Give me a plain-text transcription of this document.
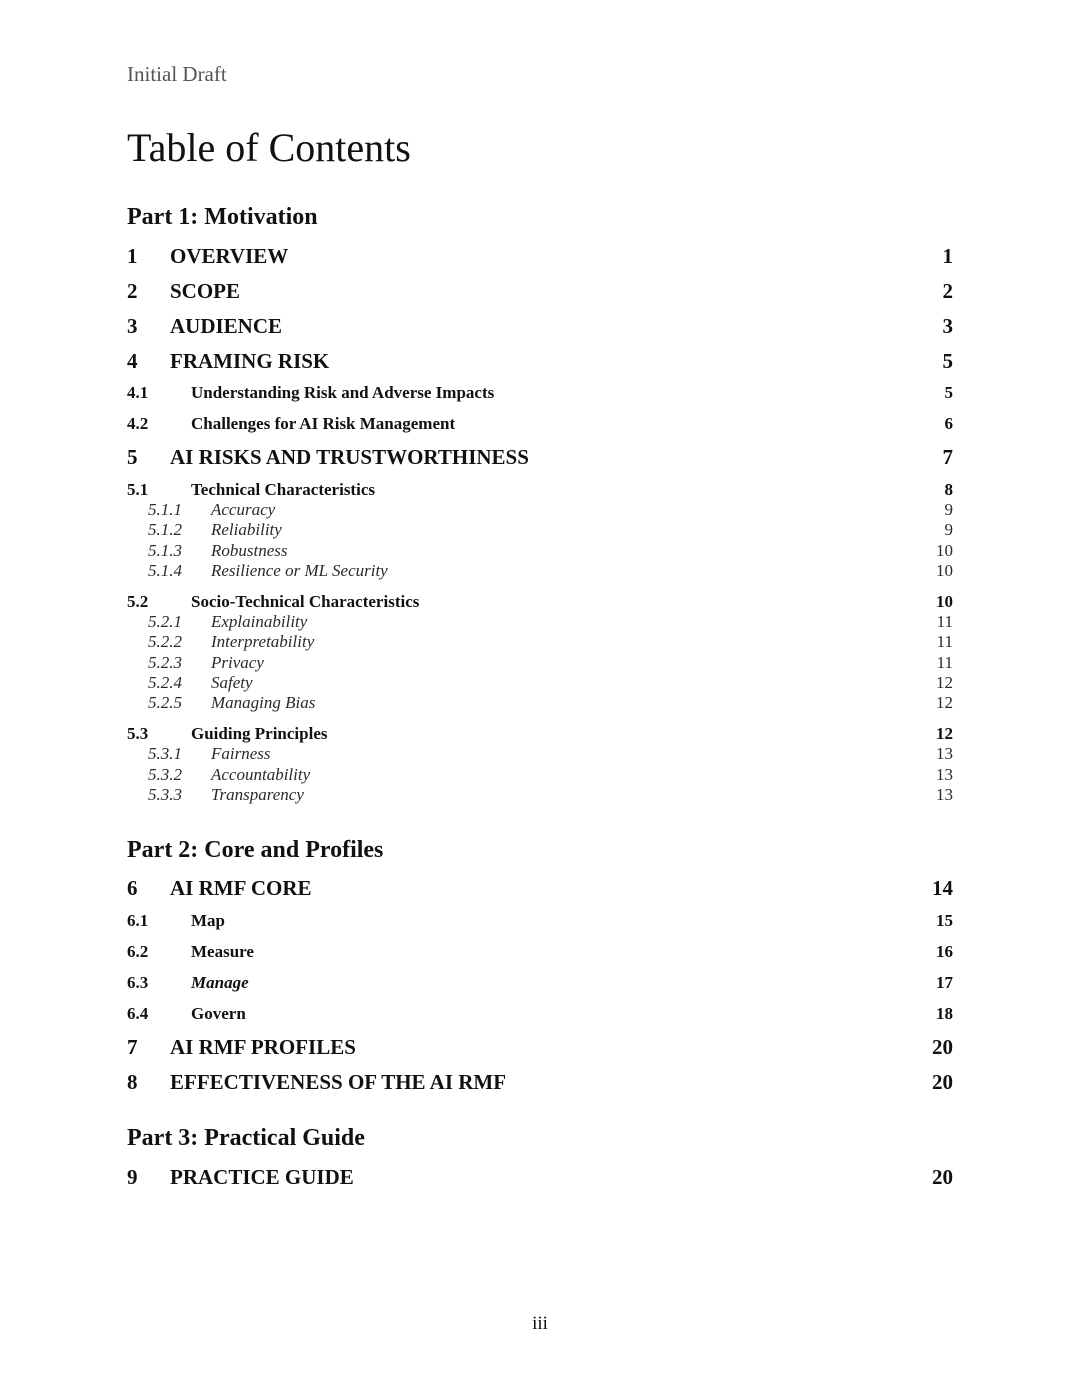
Initial Draft
Table of Contents
Part 1: Motivation
1 OVERVIEW	1
2 SCOPE	2
3 AUDIENCE	3
4 FRAMING RISK	5
4.1	Understanding Risk and Adverse Impacts	5
4.2	Challenges for AI Risk Management	6
5 AI RISKS AND TRUSTWORTHINESS	7
5.1	Technical Characteristics	8
5.1.1 Accuracy	9
5.1.2 Reliability	9
5.1.3 Robustness	10
5.1.4 Resilience or ML Security	10
5.2	Socio-Technical Characteristics	10
5.2.1 Explainability	11
5.2.2 Interpretability	11
5.2.3 Privacy	11
5.2.4 Safety	12
5.2.5 Managing Bias	12
5.3	Guiding Principles	12
5.3.1 Fairness	13
5.3.2 Accountability	13
5.3.3 Transparency	13
Part 2: Core and Profiles
6 AI RMF CORE	14
6.1	Map	15
6.2	Measure	16
6.3	Manage	17
6.4	Govern	18
7 AI RMF PROFILES	20
8 EFFECTIVENESS OF THE AI RMF	20
Part 3: Practical Guide
9 PRACTICE GUIDE	20
iii
